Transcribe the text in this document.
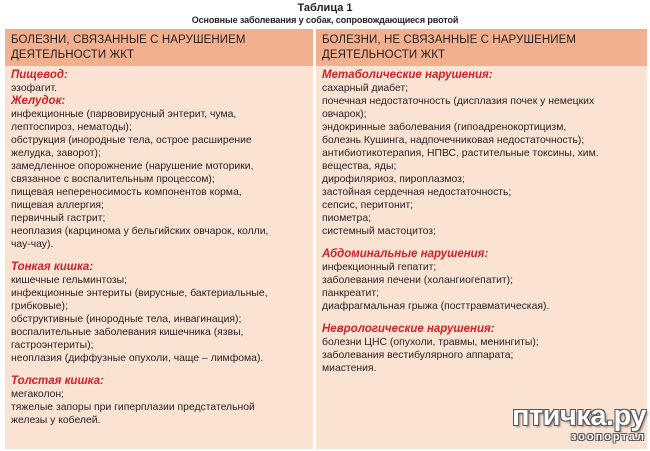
Таблица 1
Основные заболевания у собак, сопровождающиеся рвотой
БОЛЕЗНИ, СВЯЗАННЫЕ С НАРУШЕНИЕМ ДЕЯТЕЛЬНОСТИ ЖКТ
БОЛЕЗНИ, НЕ СВЯЗАННЫЕ С НАРУШЕНИЕМ ДЕЯТЕЛЬНОСТИ ЖКТ
Пищевод:
эзофагит.
Желудок:
инфекционные (парвовирусный энтерит, чума,
лептоспироз, нематоды);
обструкция (инородные тела, острое расширение
желудка, заворот);
замедленное опорожнение (нарушение моторики,
связанное с воспалительным процессом);
пищевая непереносимость компонентов корма,
пищевая аллергия;
первичный гастрит;
неоплазия (карцинома у бельгийских овчарок, колли,
чау-чау).
Тонкая кишка:
кишечные гельминтозы;
инфекционные энтериты (вирусные, бактериальные,
грибковые);
обструктивные (инородные тела, инвагинация);
воспалительные заболевания кишечника (язвы,
гастроэнтериты);
неоплазия (диффузные опухоли, чаще – лимфома).
Толстая кишка:
мегаколон;
тяжелые запоры при гиперплазии предстательной
железы у кобелей.
Метаболические нарушения:
сахарный диабет;
почечная недостаточность (дисплазия почек у немецких
овчарок);
эндокринные заболевания (гипоадренокортицизм,
болезнь Кушинга, надпочечниковая недостаточность);
антибиотикотерапия, НПВС, растительные токсины, хим.
вещества, яды;
дирофиляриоз, пироплазмоз;
застойная сердечная недостаточность;
сепсис, перитонит;
пиометра;
системный мастоцитоз;
Абдоминальные нарушения:
инфекционный гепатит;
заболевания печени (холангиогепатит);
панкреатит;
диафрагмальная грыжа (посттравматическая).
Неврологические нарушения:
болезни ЦНС (опухоли, травмы, менингиты);
заболевания вестибулярного аппарата;
миастения.
птичка.ру
зоопортал
